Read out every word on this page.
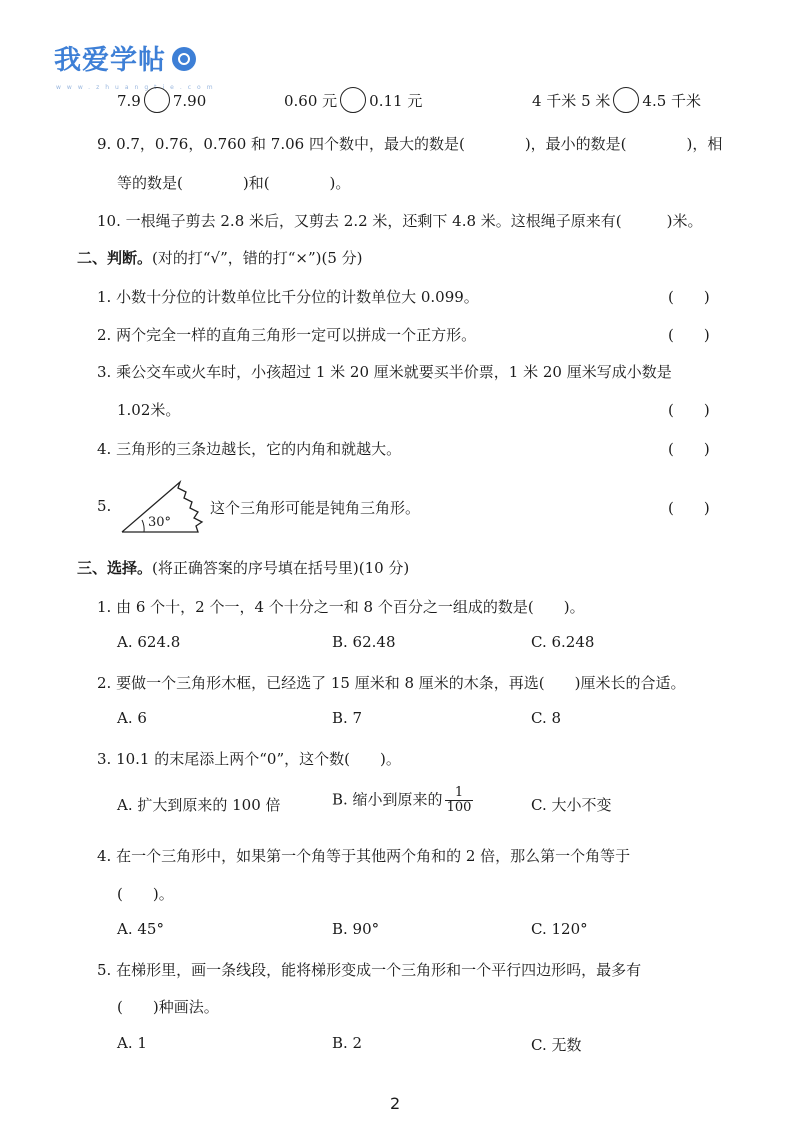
我爱学帖
www.zhuangtie.com
7.9 7.90	0.60 元 0.11 元	4 千米 5 米 4.5 千米
9. 0.7，0.76，0.760 和 7.06 四个数中，最大的数是(　　　　)，最小的数是(　　　　)，相
等的数是(　　　　)和(　　　　)。
10. 一根绳子剪去 2.8 米后，又剪去 2.2 米，还剩下 4.8 米。这根绳子原来有(　　　)米。
二、判断。(对的打“√”，错的打“×”)(5 分)
1. 小数十分位的计数单位比千分位的计数单位大 0.099。	(　　)
2. 两个完全一样的直角三角形一定可以拼成一个正方形。	(　　)
3. 乘公交车或火车时，小孩超过 1 米 20 厘米就要买半价票，1 米 20 厘米写成小数是
1.02米。	(　　)
4. 三角形的三条边越长，它的内角和就越大。	(　　)
5.
30°
这个三角形可能是钝角三角形。	(　　)
三、选择。(将正确答案的序号填在括号里)(10 分)
1. 由 6 个十，2 个一，4 个十分之一和 8 个百分之一组成的数是(　　)。
A. 624.8	B. 62.48	C. 6.248
2. 要做一个三角形木框，已经选了 15 厘米和 8 厘米的木条，再选(　　)厘米长的合适。
A. 6	B. 7	C. 8
3. 10.1 的末尾添上两个“0”，这个数(　　)。
A. 扩大到原来的 100 倍	B. 缩小到原来的 $\frac{1}{100}$	C. 大小不变
4. 在一个三角形中，如果第一个角等于其他两个角和的 2 倍，那么第一个角等于
(　　)。
A. 45°	B. 90°	C. 120°
5. 在梯形里，画一条线段，能将梯形变成一个三角形和一个平行四边形吗，最多有
(　　)种画法。
A. 1	B. 2	C. 无数
2
